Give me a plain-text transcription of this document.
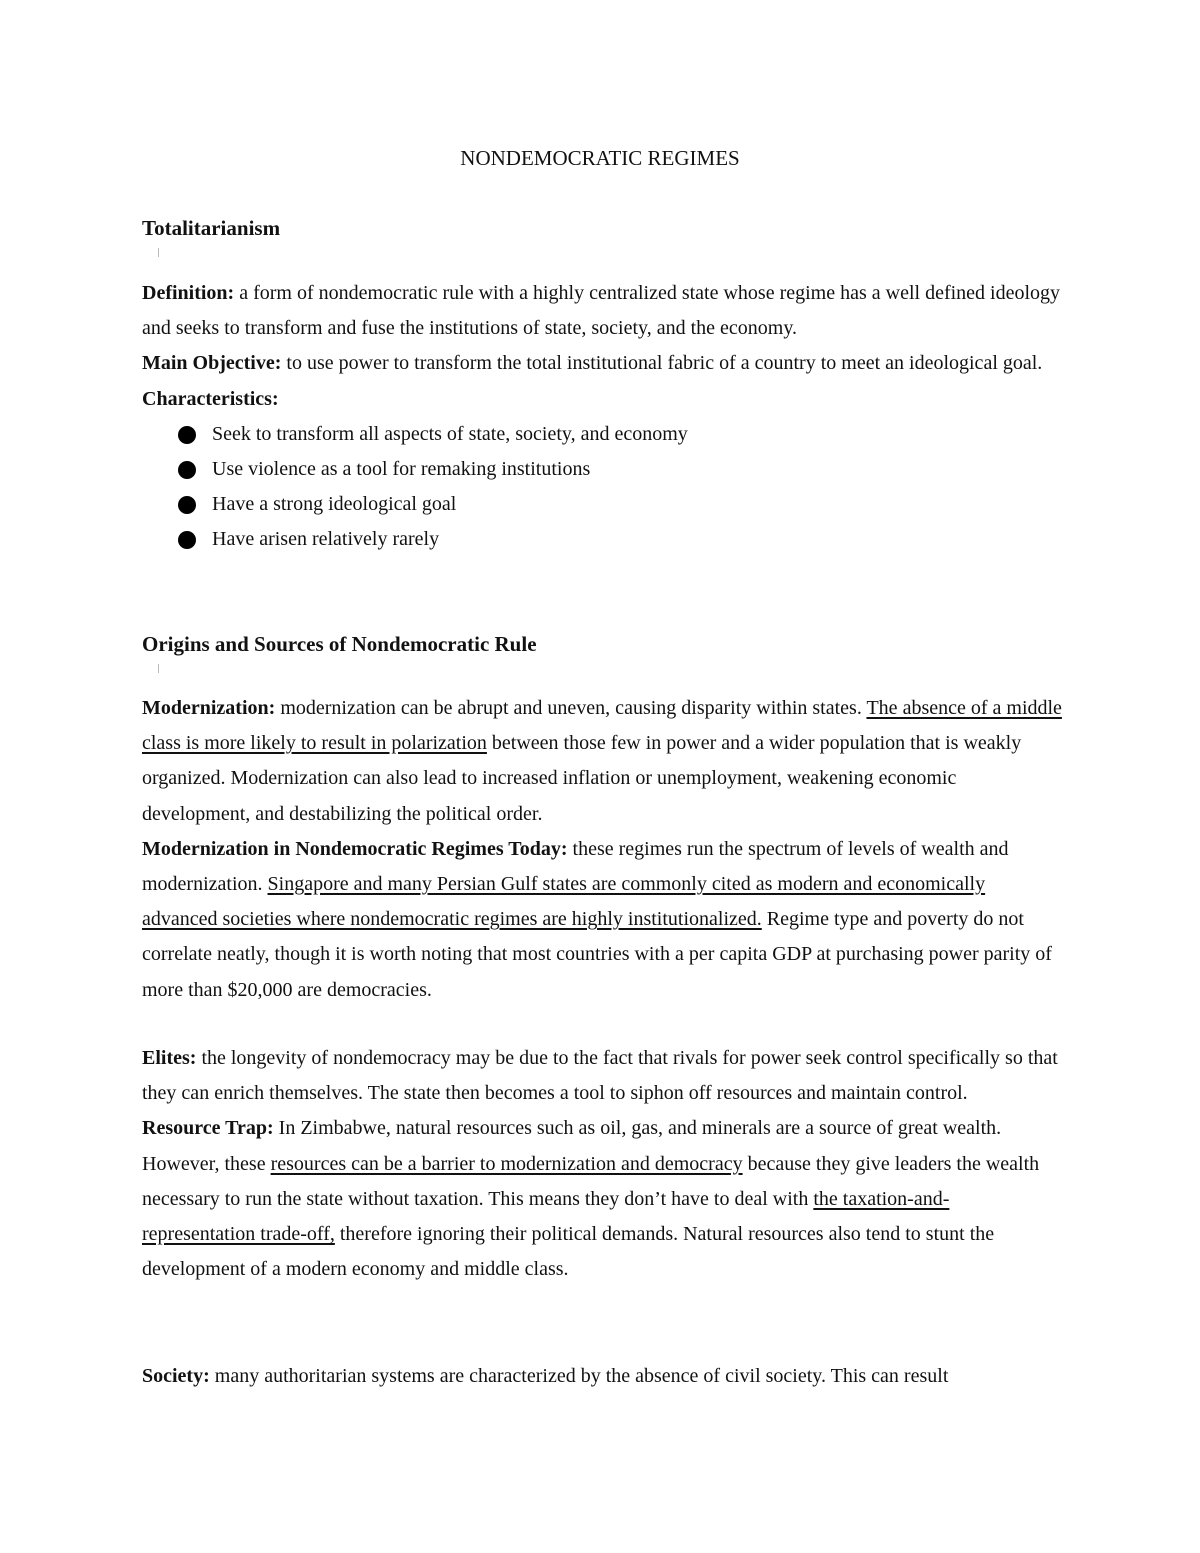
NONDEMOCRATIC REGIMES
Totalitarianism

Definition: a form of nondemocratic rule with a highly centralized state whose regime has a well defined ideology and seeks to transform and fuse the institutions of state, society, and the economy.

Main Objective: to use power to transform the total institutional fabric of a country to meet an ideological goal.

Characteristics:

Seek to transform all aspects of state, society, and economy
Use violence as a tool for remaking institutions
Have a strong ideological goal
Have arisen relatively rarely
Origins and Sources of Nondemocratic Rule

Modernization: modernization can be abrupt and uneven, causing disparity within states. The absence of a middle class is more likely to result in polarization between those few in power and a wider population that is weakly organized. Modernization can also lead to increased inflation or unemployment, weakening economic development, and destabilizing the political order.

Modernization in Nondemocratic Regimes Today: these regimes run the spectrum of levels of wealth and modernization. Singapore and many Persian Gulf states are commonly cited as modern and economically advanced societies where nondemocratic regimes are highly institutionalized. Regime type and poverty do not correlate neatly, though it is worth noting that most countries with a per capita GDP at purchasing power parity of more than $20,000 are democracies.

Elites: the longevity of nondemocracy may be due to the fact that rivals for power seek control specifically so that they can enrich themselves. The state then becomes a tool to siphon off resources and maintain control.

Resource Trap: In Zimbabwe, natural resources such as oil, gas, and minerals are a source of great wealth. However, these resources can be a barrier to modernization and democracy because they give leaders the wealth necessary to run the state without taxation. This means they don’t have to deal with the taxation-and-representation trade-off, therefore ignoring their political demands. Natural resources also tend to stunt the development of a modern economy and middle class.

Society: many authoritarian systems are characterized by the absence of civil society. This can result
